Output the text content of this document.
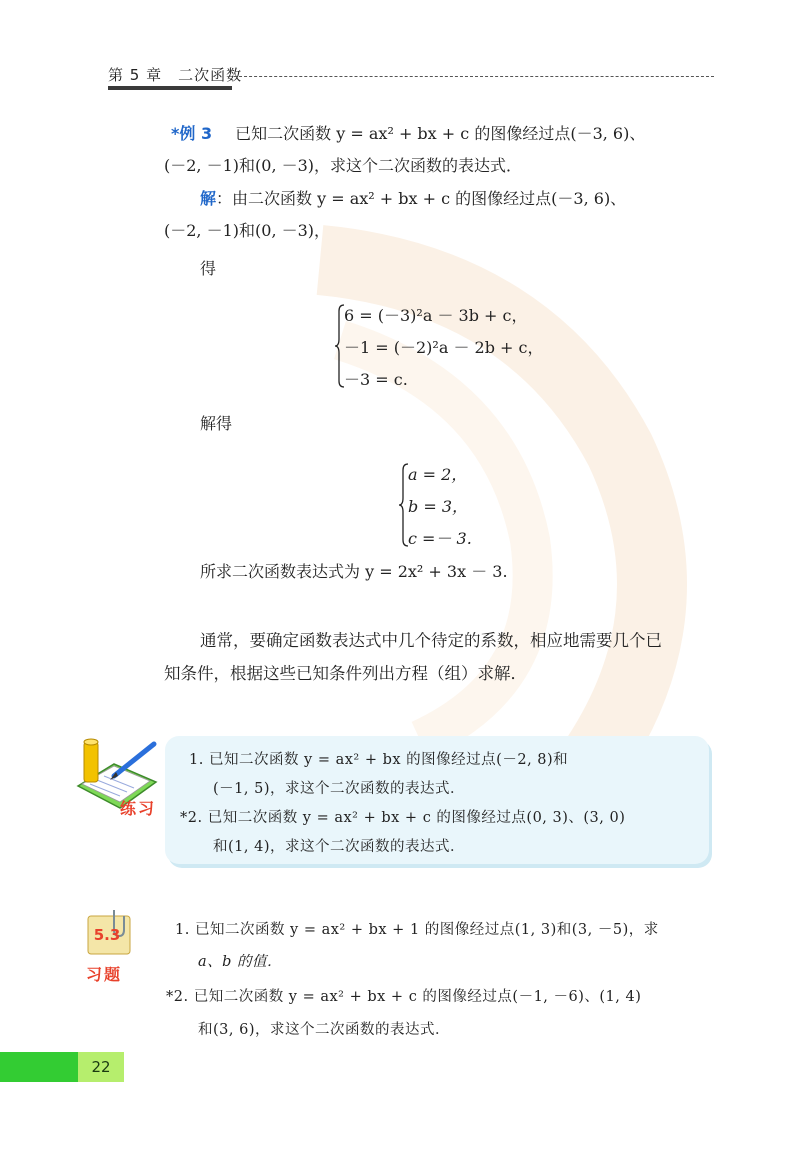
第 5 章　二次函数
*例 3 已知二次函数 y = ax² + bx + c 的图像经过点(－3, 6)、
(－2, －1)和(0, －3)，求这个二次函数的表达式．
解：由二次函数 y = ax² + bx + c 的图像经过点(－3, 6)、
(－2, －1)和(0, －3)，
得
6 = (－3)²a － 3b + c，
－1 = (－2)²a － 2b + c，
－3 = c.
解得
a = 2，
b = 3，
c =－ 3.
所求二次函数表达式为 y = 2x² + 3x － 3.
通常，要确定函数表达式中几个待定的系数，相应地需要几个已
知条件，根据这些已知条件列出方程（组）求解．
练习
1. 已知二次函数 y = ax² + bx 的图像经过点(－2, 8)和
(－1, 5)，求这个二次函数的表达式．
*2. 已知二次函数 y = ax² + bx + c 的图像经过点(0, 3)、(3, 0)
和(1, 4)，求这个二次函数的表达式．
5.3
习题
1. 已知二次函数 y = ax² + bx + 1 的图像经过点(1, 3)和(3, －5)，求
a、b 的值．
*2. 已知二次函数 y = ax² + bx + c 的图像经过点(－1, －6)、(1, 4)
和(3, 6)，求这个二次函数的表达式．
22
